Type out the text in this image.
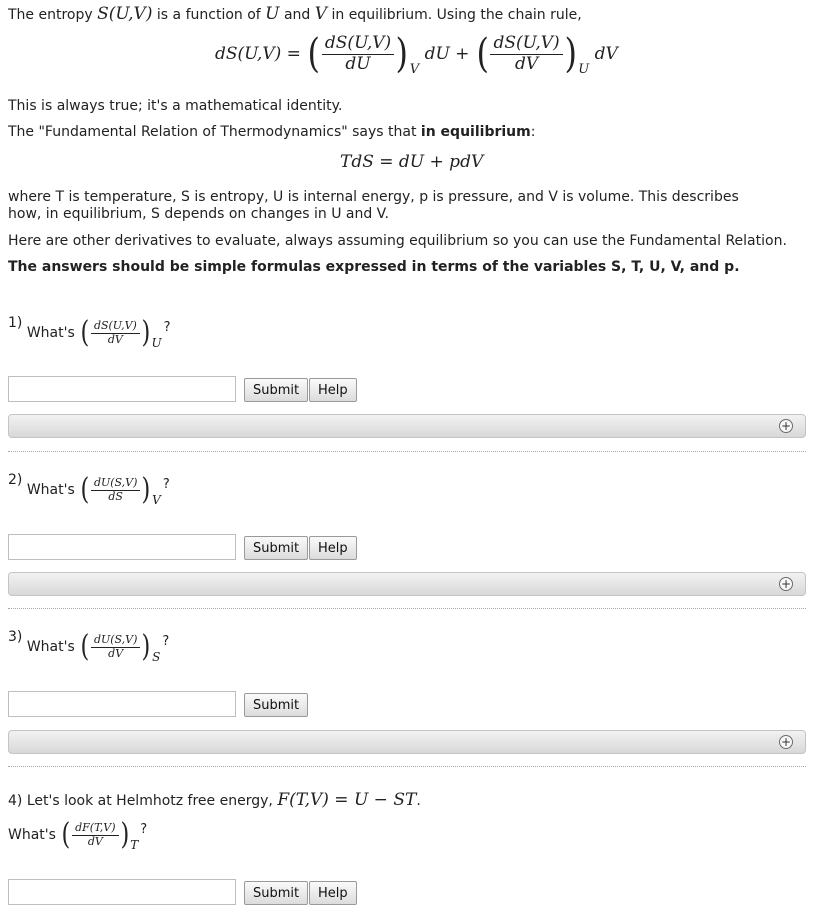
The entropy S(U,V) is a function of U and V in equilibrium. Using the chain rule,
dS(U,V) = ( $\frac{dS(U,V)}{dU}$ ) $_V$ dU + ( $\frac{dS(U,V)}{dV}$ ) $_U$ dV

This is always true; it's a mathematical identity.

The "Fundamental Relation of Thermodynamics" says that in equilibrium:

TdS = dU + pdV

where T is temperature, S is entropy, U is internal energy, p is pressure, and V is volume. This describes how, in equilibrium, S depends on changes in U and V.

Here are other derivatives to evaluate, always assuming equilibrium so you can use the Fundamental Relation.

The answers should be simple formulas expressed in terms of the variables S, T, U, V, and p.

1) What's ( $\frac{dS(U,V)}{dV} )U$?
Submit	Help
+
2) What's ( $\frac{dU(S,V)}{dS} )V$?
Submit	Help
+
3) What's ( $\frac{dU(S,V)}{dV} )S$?
Submit
+
4) Let's look at Helmhotz free energy, F(T,V) = U − ST.
What's ( $\frac{dF(T,V)}{dV} )T$?
Submit	Help
